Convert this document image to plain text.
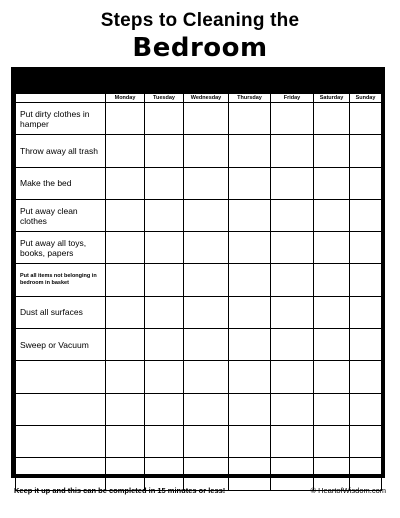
Steps to Cleaning the
Bedroom
	Monday	Tuesday	Wednesday	Thursday	Friday	Saturday	Sunday
Put dirty clothes in hamper							
Throw away all trash							
Make the bed							
Put away clean clothes							
Put away all toys, books, papers							
Put all items not belonging in bedroom in basket							
Dust all surfaces							
Sweep or Vacuum							

Keep it up and this can be completed in 15 minutes or less!	© HeartofWisdom.com
